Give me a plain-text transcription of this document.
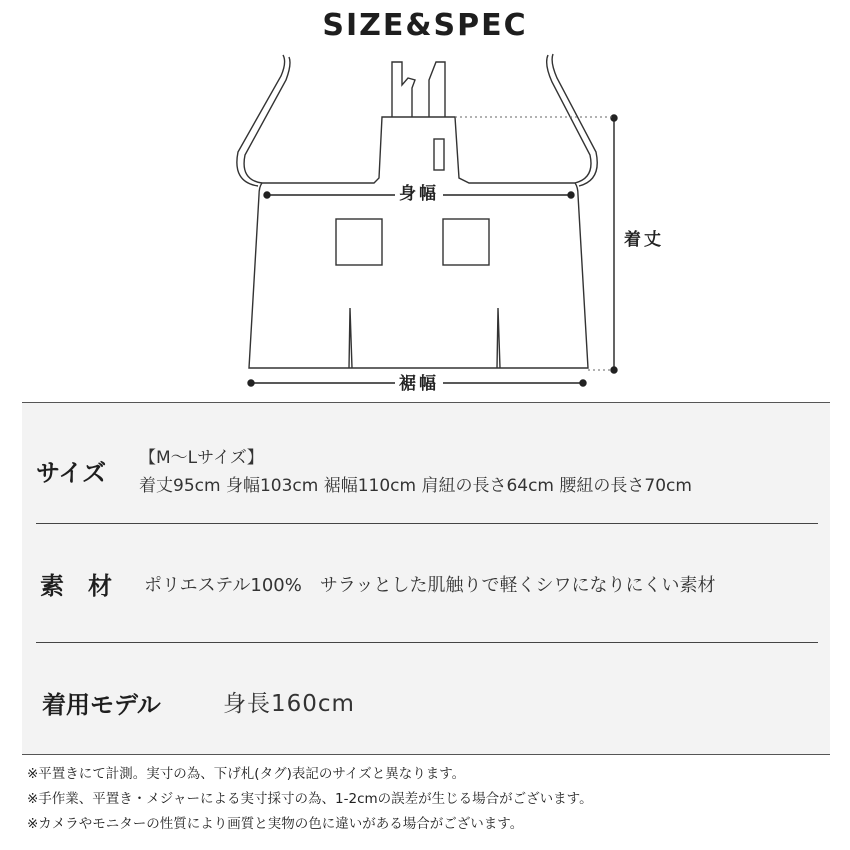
SIZE&SPEC
身幅
着丈
裾幅
サイズ
【M〜Lサイズ】
着丈95cm 身幅103cm 裾幅110cm 肩紐の長さ64cm 腰紐の長さ70cm
素　材 ポリエステル100%　サラッとした肌触りで軽くシワになりにくい素材
着用モデル	身長160cm
※平置きにて計測。実寸の為、下げ札(タグ)表記のサイズと異なります。
※手作業、平置き・メジャーによる実寸採寸の為、1-2cmの誤差が生じる場合がございます。
※カメラやモニターの性質により画質と実物の色に違いがある場合がございます。
